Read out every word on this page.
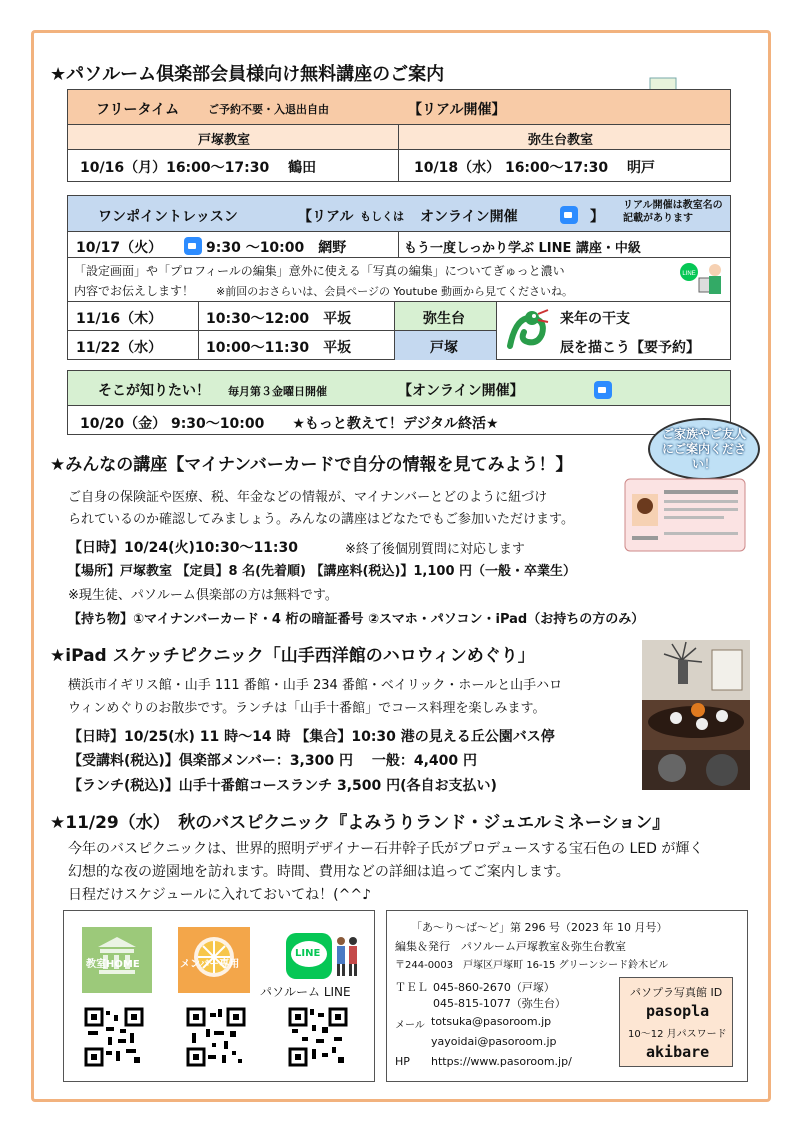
★パソルーム倶楽部会員様向け無料講座のご案内
フリータイム	ご予約不要・入退出自由	【リアル開催】
戸塚教室	弥生台教室
10/16（月）16:00～17:30　 鶴田	10/18（水） 16:00～17:30　 明戸
ワンポイントレッスン	【リアル もしくは オンライン開催	】
リアル開催は教室名の記載があります
10/17（火）	9:30 ～10:00　網野	もう一度しっかり学ぶ LINE 講座・中級
「設定画面」や「プロフィールの編集」意外に使える「写真の編集」についてぎゅっと濃い
内容でお伝えします！ ※前回のおさらいは、会員ページの Youtube 動画から見てくださいね。
LINE
11/16（木）	10:30～12:00　平坂	弥生台
11/22（水）	10:00～11:30　平坂	戸塚
来年の干支
辰を描こう【要予約】
そこが知りたい！ 毎月第３金曜日開催	【オンライン開催】
10/20（金） 9:30～10:00　　★もっと教えて！デジタル終活★
ご家族やご友人にご案内ください！
★みんなの講座【マイナンバーカードで自分の情報を見てみよう！】
ご自身の保険証や医療、税、年金などの情報が、マイナンバーとどのように紐づけ
られているのか確認してみましょう。みんなの講座はどなたでもご参加いただけます。
【日時】10/24(火)10:30～11:30	※終了後個別質問に対応します
【場所】戸塚教室 【定員】8 名(先着順) 【講座料(税込)】1,100 円（一般・卒業生）
※現生徒、パソルーム倶楽部の方は無料です。
【持ち物】①マイナンバーカード・4 桁の暗証番号 ②スマホ・パソコン・iPad（お持ちの方のみ）
★iPad スケッチピクニック「山手西洋館のハロウィンめぐり」
横浜市イギリス館・山手 111 番館・山手 234 番館・ベイリック・ホールと山手ハロ
ウィンめぐりのお散歩です。ランチは「山手十番館」でコース料理を楽しみます。
【日時】10/25(水) 11 時～14 時 【集合】10:30 港の見える丘公園バス停
【受講料(税込)】倶楽部メンバー：3,300 円　 一般：4,400 円
【ランチ(税込)】山手十番館コースランチ 3,500 円(各自お支払い)
★11/29（水）　秋のバスピクニック『よみうりランド・ジュエルミネーション』
今年のバスピクニックは、世界的照明デザイナー石井幹子氏がプロデュースする宝石色の LED が輝く
幻想的な夜の遊園地を訪れます。時間、費用などの詳細は追ってご案内します。
日程だけスケジュールに入れておいてね！(^^♪
教室HOME	メンバー専用
LINE
パソルーム LINE
「あ～り～ば～ど」第 296 号（2023 年 10 月号）
編集＆発行　パソルーム戸塚教室＆弥生台教室
〒244-0003　戸塚区戸塚町 16-15 グリーンシード鈴木ビル
ＴＥＬ 045-860-2670（戸塚）
045-815-1077（弥生台）
メール totsuka@pasoroom.jp
yayoidai@pasoroom.jp
HP https://www.pasoroom.jp/
パソプラ写真館 ID
pasopla
10～12 月パスワード
akibare
